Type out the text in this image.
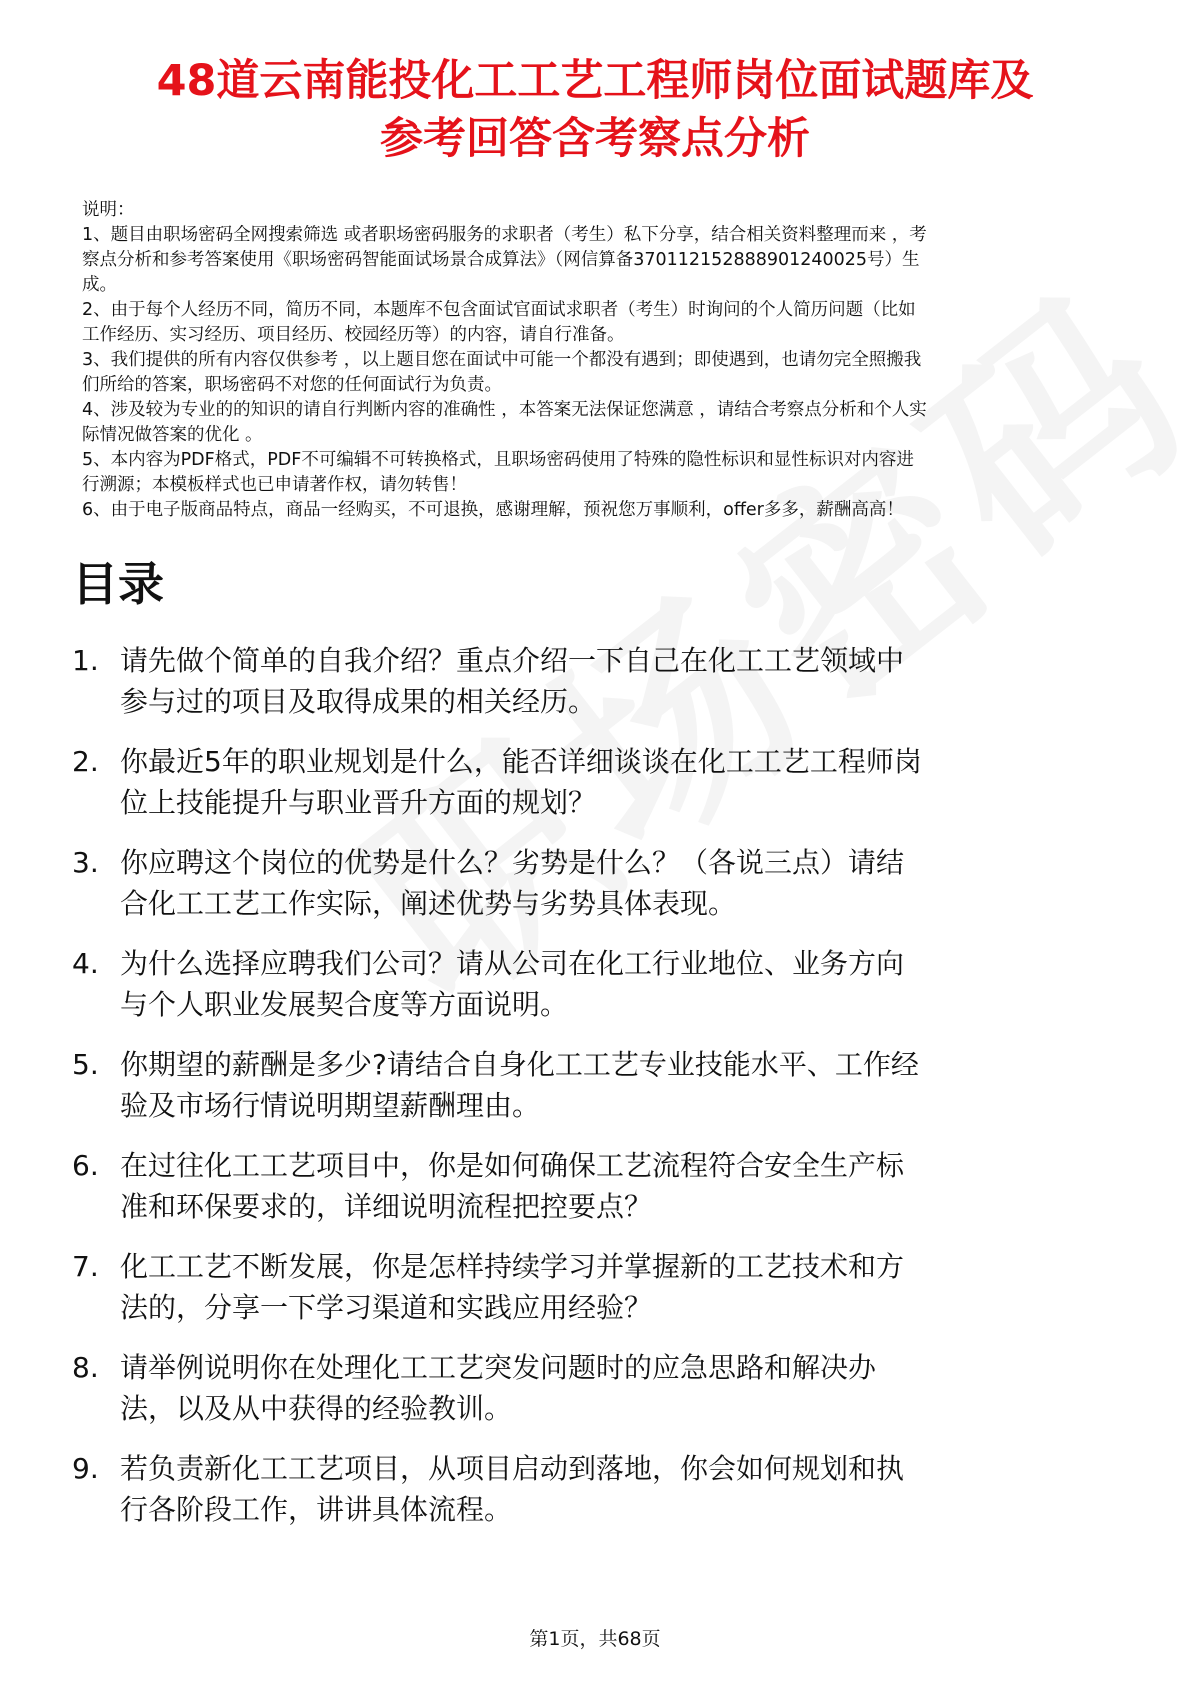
48道云南能投化工工艺工程师岗位面试题库及
参考回答含考察点分析
说明：
1、题目由职场密码全网搜索筛选 或者职场密码服务的求职者（考生）私下分享，结合相关资料整理而来 ，考
察点分析和参考答案使用《职场密码智能面试场景合成算法》（网信算备370112152888901240025号）生
成。
2、由于每个人经历不同，简历不同，本题库不包含面试官面试求职者（考生）时询问的个人简历问题（比如
工作经历、实习经历、项目经历、校园经历等）的内容，请自行准备。
3、我们提供的所有内容仅供参考 ，以上题目您在面试中可能一个都没有遇到；即使遇到，也请勿完全照搬我
们所给的答案，职场密码不对您的任何面试行为负责。
4、涉及较为专业的的知识的请自行判断内容的准确性 ，本答案无法保证您满意 ，请结合考察点分析和个人实
际情况做答案的优化 。
5、本内容为PDF格式，PDF不可编辑不可转换格式，且职场密码使用了特殊的隐性标识和显性标识对内容进
行溯源；本模板样式也已申请著作权，请勿转售！
6、由于电子版商品特点，商品一经购买，不可退换，感谢理解，预祝您万事顺利，offer多多，薪酬高高！
目录
1. 请先做个简单的自我介绍？重点介绍一下自己在化工工艺领域中
参与过的项目及取得成果的相关经历。
2. 你最近5年的职业规划是什么，能否详细谈谈在化工工艺工程师岗
位上技能提升与职业晋升方面的规划？
3. 你应聘这个岗位的优势是什么？劣势是什么？（各说三点）请结
合化工工艺工作实际，阐述优势与劣势具体表现。
4. 为什么选择应聘我们公司？请从公司在化工行业地位、业务方向
与个人职业发展契合度等方面说明。
5. 你期望的薪酬是多少?请结合自身化工工艺专业技能水平、工作经
验及市场行情说明期望薪酬理由。
6. 在过往化工工艺项目中，你是如何确保工艺流程符合安全生产标
准和环保要求的，详细说明流程把控要点？
7. 化工工艺不断发展，你是怎样持续学习并掌握新的工艺技术和方
法的，分享一下学习渠道和实践应用经验？
8. 请举例说明你在处理化工工艺突发问题时的应急思路和解决办
法，以及从中获得的经验教训。
9. 若负责新化工工艺项目，从项目启动到落地，你会如何规划和执
行各阶段工作，讲讲具体流程。
第1页，共68页
